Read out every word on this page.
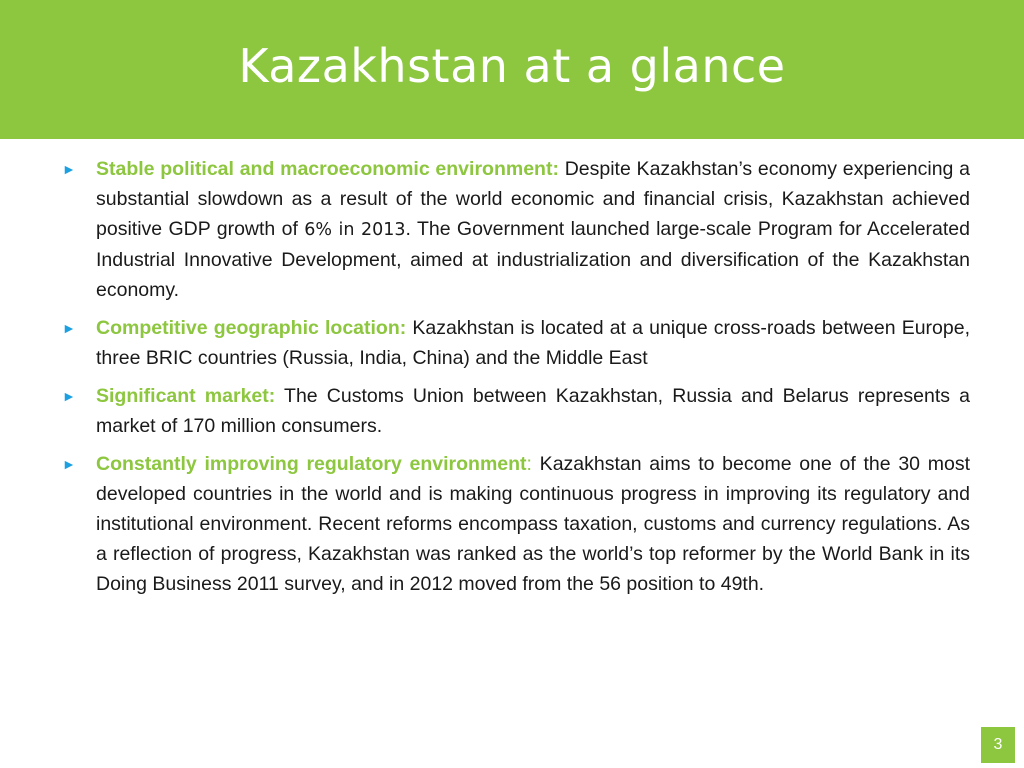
Kazakhstan at a glance
►	Stable political and macroeconomic environment: Despite Kazakhstan’s economy experiencing a substantial slowdown as a result of the world economic and financial crisis, Kazakhstan achieved positive GDP growth of 6% in 2013. The Government launched large-scale Program for Accelerated Industrial Innovative Development, aimed at industrialization and diversification of the Kazakhstan economy.
►	Competitive geographic location: Kazakhstan is located at a unique cross-roads between Europe, three BRIC countries (Russia, India, China) and the Middle East
►	Significant market: The Customs Union between Kazakhstan, Russia and Belarus represents a market of 170 million consumers.
►	Constantly improving regulatory environment: Kazakhstan aims to become one of the 30 most developed countries in the world and is making continuous progress in improving its regulatory and institutional environment. Recent reforms encompass taxation, customs and currency regulations. As a reflection of progress, Kazakhstan was ranked as the world’s top reformer by the World Bank in its Doing Business 2011 survey, and in 2012 moved from the 56 position to 49th.
3
